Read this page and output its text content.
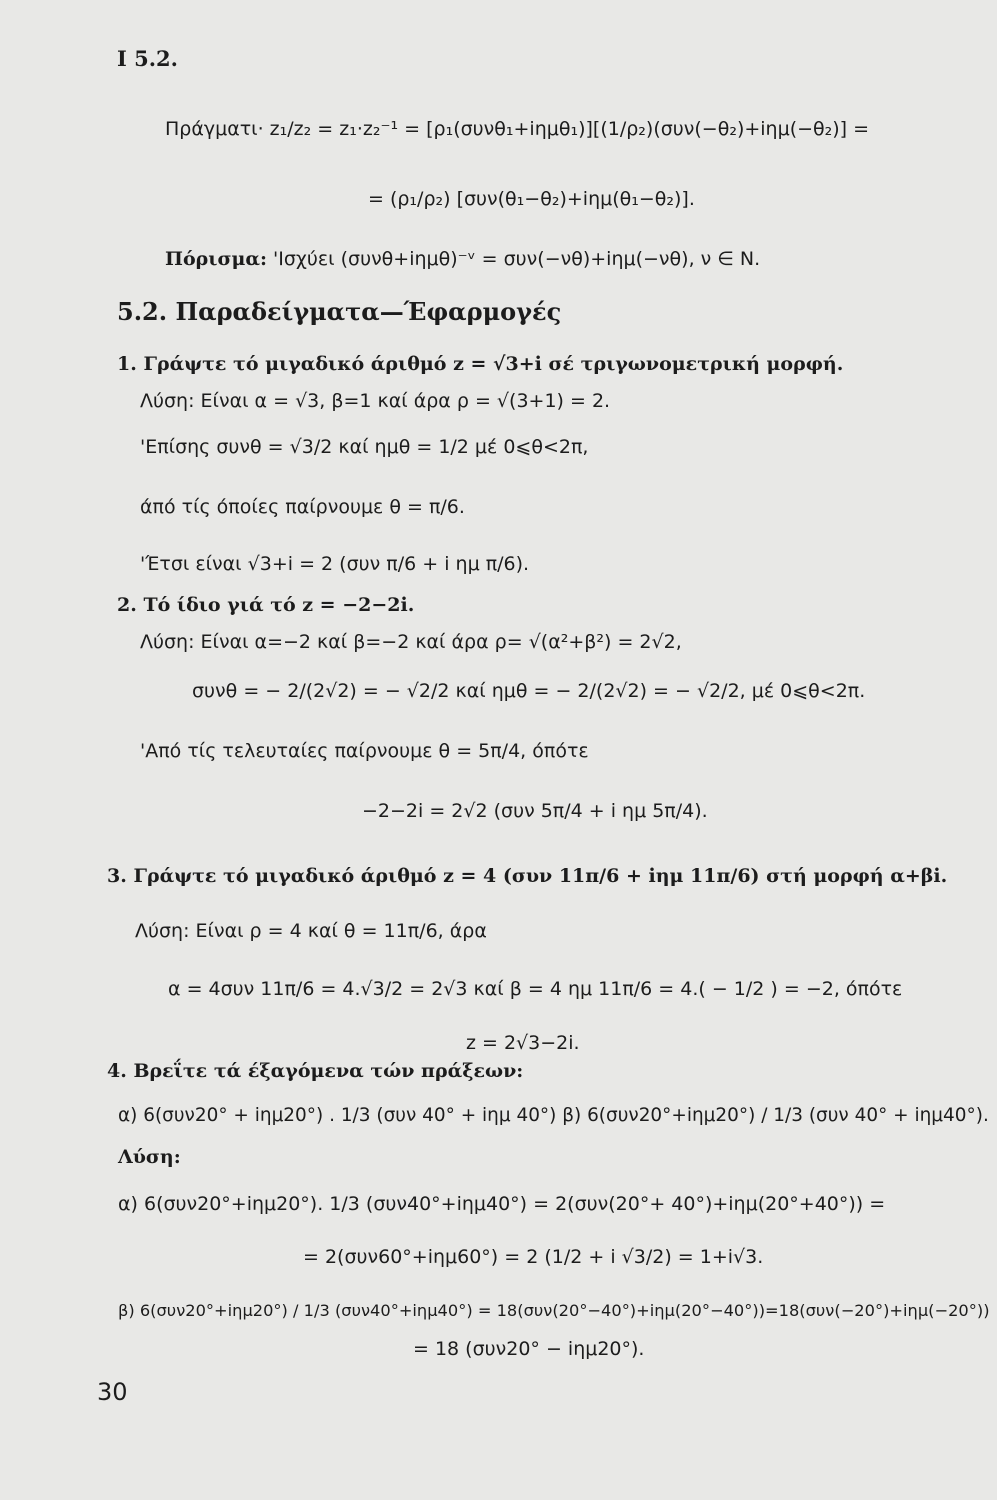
I 5.2.
Πράγματι· z₁/z₂ = z₁·z₂⁻¹ = [ρ₁(συνθ₁+iημθ₁)][(1/ρ₂)(συν(−θ₂)+iημ(−θ₂)] =
= (ρ₁/ρ₂) [συν(θ₁−θ₂)+iημ(θ₁−θ₂)].
Πόρισμα: 'Ισχύει (συνθ+iημθ)⁻ᵛ = συν(−νθ)+iημ(−νθ), ν ∈ N.
5.2. Παραδείγματα—Έφαρμογές
1. Γράψτε τό μιγαδικό άριθμό z = √3+i σέ τριγωνομετρική μορφή.
Λύση: Είναι α = √3, β=1 καί άρα ρ = √(3+1) = 2.
'Επίσης συνθ = √3/2 καί ημθ = 1/2 μέ 0⩽θ<2π,
άπό τίς όποίες παίρνουμε θ = π/6.
'Έτσι είναι √3+i = 2 (συν π/6 + i ημ π/6).
2. Τό ίδιο γιά τό z = −2−2i.
Λύση: Είναι α=−2 καί β=−2 καί άρα ρ= √(α²+β²) = 2√2,
συνθ = − 2/(2√2) = − √2/2 καί ημθ = − 2/(2√2) = − √2/2, μέ 0⩽θ<2π.
'Από τίς τελευταίες παίρνουμε θ = 5π/4, όπότε
−2−2i = 2√2 (συν 5π/4 + i ημ 5π/4).
3. Γράψτε τό μιγαδικό άριθμό z = 4 (συν 11π/6 + iημ 11π/6) στή μορφή α+βi.
Λύση: Είναι ρ = 4 καί θ = 11π/6, άρα
α = 4συν 11π/6 = 4.√3/2 = 2√3 καί β = 4 ημ 11π/6 = 4.( − 1/2 ) = −2, όπότε
z = 2√3−2i.
4. Βρεΐτε τά έξαγόμενα τών πράξεων:
α) 6(συν20° + iημ20°) . 1/3 (συν 40° + iημ 40°) β) 6(συν20°+iημ20°) / 1/3 (συν 40° + iημ40°).
Λύση:
α) 6(συν20°+iημ20°). 1/3 (συν40°+iημ40°) = 2(συν(20°+ 40°)+iημ(20°+40°)) =
= 2(συν60°+iημ60°) = 2 (1/2 + i √3/2) = 1+i√3.
β) 6(συν20°+iημ20°) / 1/3 (συν40°+iημ40°) = 18(συν(20°−40°)+iημ(20°−40°))=18(συν(−20°)+iημ(−20°))
= 18 (συν20° − iημ20°).
30
